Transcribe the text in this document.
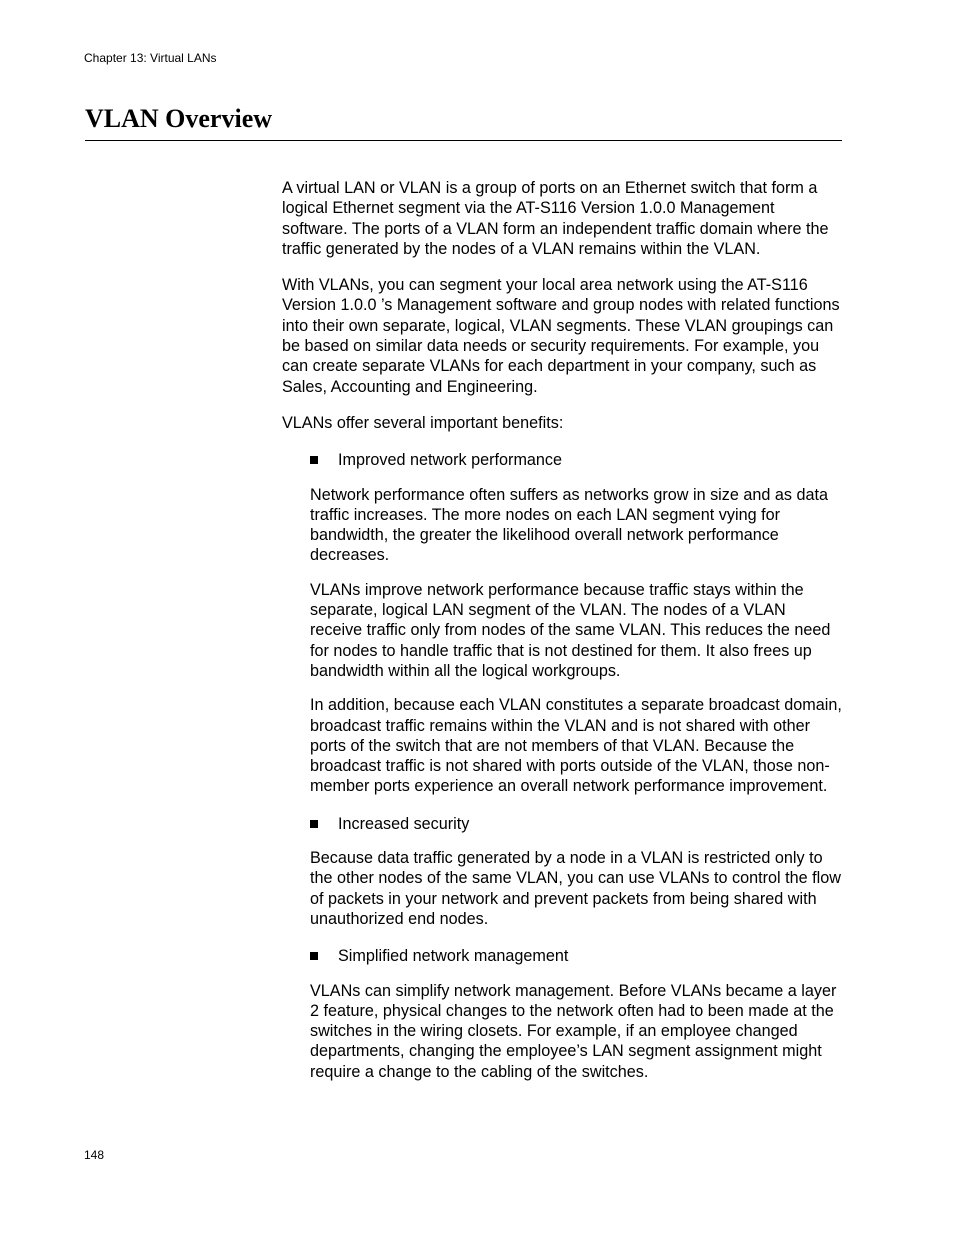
Chapter 13: Virtual LANs
VLAN Overview

A virtual LAN or VLAN is a group of ports on an Ethernet switch that form a logical Ethernet segment via the AT-S116 Version 1.0.0 Management software. The ports of a VLAN form an independent traffic domain where the traffic generated by the nodes of a VLAN remains within the VLAN.

With VLANs, you can segment your local area network using the AT-S116 Version 1.0.0 ’s Management software and group nodes with related functions into their own separate, logical, VLAN segments. These VLAN groupings can be based on similar data needs or security requirements. For example, you can create separate VLANs for each department in your company, such as Sales, Accounting and Engineering.

VLANs offer several important benefits:

Improved network performance

Network performance often suffers as networks grow in size and as data traffic increases. The more nodes on each LAN segment vying for bandwidth, the greater the likelihood overall network performance decreases.

VLANs improve network performance because traffic stays within the separate, logical LAN segment of the VLAN. The nodes of a VLAN receive traffic only from nodes of the same VLAN. This reduces the need for nodes to handle traffic that is not destined for them. It also frees up bandwidth within all the logical workgroups.

In addition, because each VLAN constitutes a separate broadcast domain, broadcast traffic remains within the VLAN and is not shared with other ports of the switch that are not members of that VLAN. Because the broadcast traffic is not shared with ports outside of the VLAN, those non-member ports experience an overall network performance improvement.

Increased security

Because data traffic generated by a node in a VLAN is restricted only to the other nodes of the same VLAN, you can use VLANs to control the flow of packets in your network and prevent packets from being shared with unauthorized end nodes.

Simplified network management

VLANs can simplify network management. Before VLANs became a layer 2 feature, physical changes to the network often had to been made at the switches in the wiring closets. For example, if an employee changed departments, changing the employee’s LAN segment assignment might require a change to the cabling of the switches.

148
